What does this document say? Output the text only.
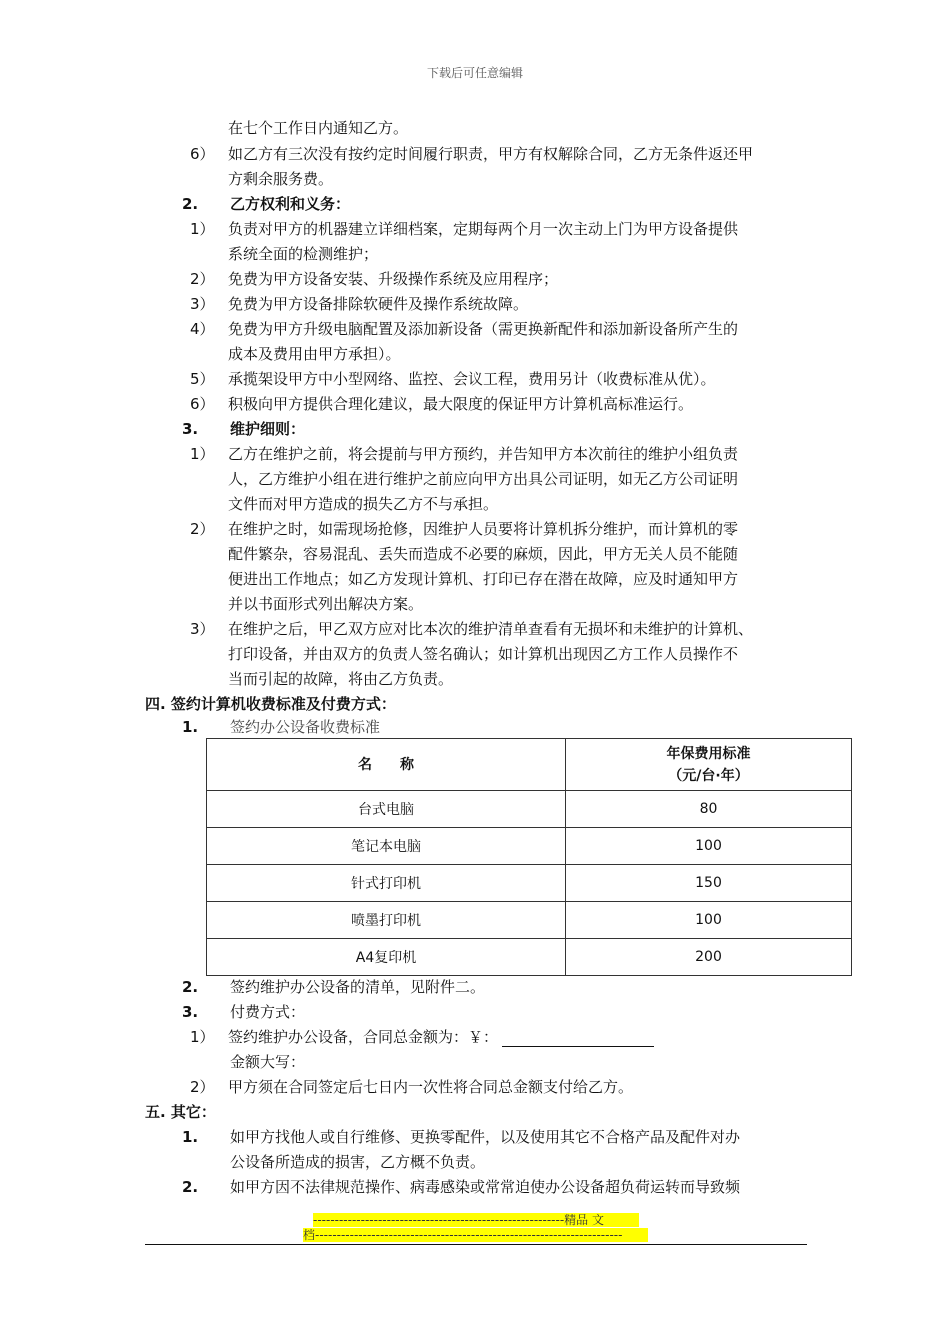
下载后可任意编辑
在七个工作日内通知乙方。
6） 如乙方有三次没有按约定时间履行职责，甲方有权解除合同，乙方无条件返还甲
方剩余服务费。
2. 乙方权利和义务：
1） 负责对甲方的机器建立详细档案，定期每两个月一次主动上门为甲方设备提供
系统全面的检测维护；
2） 免费为甲方设备安装、升级操作系统及应用程序；
3） 免费为甲方设备排除软硬件及操作系统故障。
4） 免费为甲方升级电脑配置及添加新设备（需更换新配件和添加新设备所产生的
成本及费用由甲方承担）。
5） 承揽架设甲方中小型网络、监控、会议工程，费用另计（收费标准从优）。
6） 积极向甲方提供合理化建议，最大限度的保证甲方计算机高标准运行。
3. 维护细则：
1） 乙方在维护之前，将会提前与甲方预约，并告知甲方本次前往的维护小组负责
人，乙方维护小组在进行维护之前应向甲方出具公司证明，如无乙方公司证明
文件而对甲方造成的损失乙方不与承担。
2） 在维护之时，如需现场抢修，因维护人员要将计算机拆分维护，而计算机的零
配件繁杂，容易混乱、丢失而造成不必要的麻烦，因此，甲方无关人员不能随
便进出工作地点；如乙方发现计算机、打印已存在潜在故障，应及时通知甲方
并以书面形式列出解决方案。
3） 在维护之后，甲乙双方应对比本次的维护清单查看有无损坏和未维护的计算机、
打印设备，并由双方的负责人签名确认；如计算机出现因乙方工作人员操作不
当而引起的故障，将由乙方负责。
四. 签约计算机收费标准及付费方式：
1. 签约办公设备收费标准
名　　称	年保费用标准
（元/台·年）

台式电脑	80
笔记本电脑	100
针式打印机	150
喷墨打印机	100
A4复印机	200
2. 签约维护办公设备的清单，见附件二。
3. 付费方式：
1） 签约维护办公设备，合同总金额为：￥：
金额大写：
2） 甲方须在合同签定后七日内一次性将合同总金额支付给乙方。
五. 其它：
1. 如甲方找他人或自行维修、更换零配件，以及使用其它不合格产品及配件对办
公设备所造成的损害，乙方概不负责。
2. 如甲方因不法律规范操作、病毒感染或常常迫使办公设备超负荷运转而导致频
----------------------------------------------------------精品 文
档-----------------------------------------------------------------------
